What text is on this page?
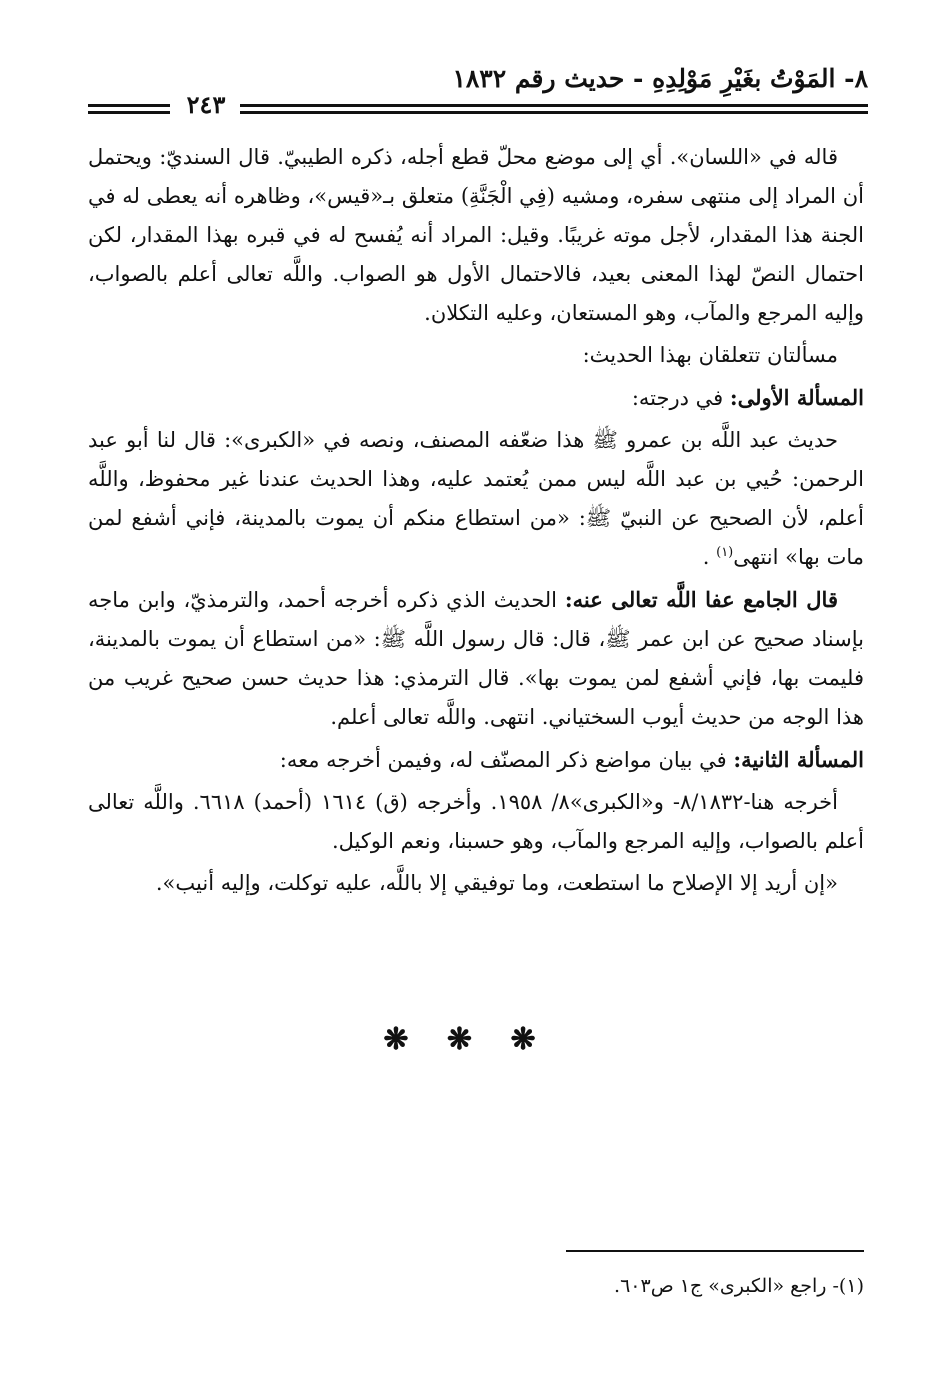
٨- المَوْتُ بغَيْرِ مَوْلِدِهِ - حديث رقم ١٨٣٢
٢٤٣

قاله في «اللسان». أي إلى موضع محلّ قطع أجله، ذكره الطيبيّ. قال السنديّ: ويحتمل أن المراد إلى منتهى سفره، ومشيه (فِي الْجَنَّةِ) متعلق بـ«قيس»، وظاهره أنه يعطى له في الجنة هذا المقدار، لأجل موته غريبًا. وقيل: المراد أنه يُفسح له في قبره بهذا المقدار، لكن احتمال النصّ لهذا المعنى بعيد، فالاحتمال الأول هو الصواب. واللَّه تعالى أعلم بالصواب، وإليه المرجع والمآب، وهو المستعان، وعليه التكلان.

مسألتان تتعلقان بهذا الحديث:

المسألة الأولى: في درجته:

حديث عبد اللَّه بن عمرو ﷺ هذا ضعّفه المصنف، ونصه في «الكبرى»: قال لنا أبو عبد الرحمن: حُيي بن عبد اللَّه ليس ممن يُعتمد عليه، وهذا الحديث عندنا غير محفوظ، واللَّه أعلم، لأن الصحيح عن النبيّ ﷺ: «من استطاع منكم أن يموت بالمدينة، فإني أشفع لمن مات بها» انتهى$^{(١)}$ .

قال الجامع عفا اللَّه تعالى عنه: الحديث الذي ذكره أخرجه أحمد، والترمذيّ، وابن ماجه بإسناد صحيح عن ابن عمر ﷺ، قال: قال رسول اللَّه ﷺ: «من استطاع أن يموت بالمدينة، فليمت بها، فإني أشفع لمن يموت بها». قال الترمذي: هذا حديث حسن صحيح غريب من هذا الوجه من حديث أيوب السختياني. انتهى. واللَّه تعالى أعلم.

المسألة الثانية: في بيان مواضع ذكر المصنّف له، وفيمن أخرجه معه:

أخرجه هنا-٨/١٨٣٢- و«الكبرى»٨/ ١٩٥٨. وأخرجه (ق) ١٦١٤ (أحمد) ٦٦١٨. واللَّه تعالى أعلم بالصواب، وإليه المرجع والمآب، وهو حسبنا، ونعم الوكيل.

«إن أريد إلا الإصلاح ما استطعت، وما توفيقي إلا باللَّه، عليه توكلت، وإليه أنيب».

❋ ❋ ❋
(١)- راجع «الكبرى» ج١ ص٦٠٣.
